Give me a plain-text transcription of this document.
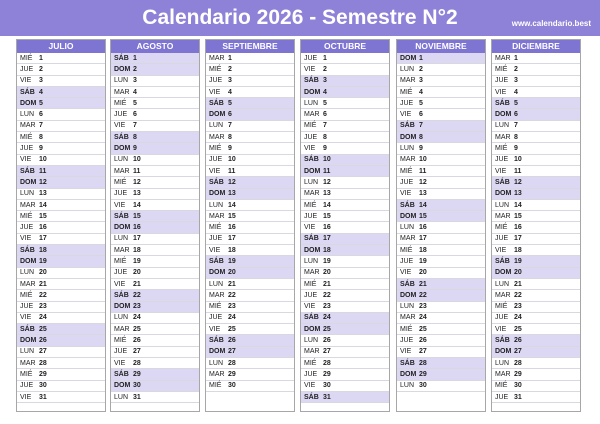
Calendario 2026 - Semestre N°2	www.calendario.best
JULIO
MIÉ 1
JUE 2
VIE	3
SÁB 4
DOM 5
LUN 6
MAR 7
MIÉ 8
JUE 9
VIE	10
SÁB 11
DOM 12
LUN 13
MAR 14
MIÉ 15
JUE 16
VIE	17
SÁB 18
DOM 19
LUN 20
MAR 21
MIÉ 22
JUE 23
VIE	24
SÁB 25
DOM 26
LUN 27
MAR 28
MIÉ 29
JUE 30
VIE	31
AGOSTO
SÁB 1
DOM 2
LUN 3
MAR 4
MIÉ 5
JUE 6
VIE	7
SÁB 8
DOM 9
LUN 10
MAR 11
MIÉ 12
JUE 13
VIE	14
SÁB 15
DOM 16
LUN 17
MAR 18
MIÉ 19
JUE 20
VIE	21
SÁB 22
DOM 23
LUN 24
MAR 25
MIÉ 26
JUE 27
VIE	28
SÁB 29
DOM 30
LUN 31
SEPTIEMBRE
MAR 1
MIÉ 2
JUE 3
VIE	4
SÁB 5
DOM 6
LUN 7
MAR 8
MIÉ 9
JUE 10
VIE	11
SÁB 12
DOM 13
LUN 14
MAR 15
MIÉ 16
JUE 17
VIE	18
SÁB 19
DOM 20
LUN 21
MAR 22
MIÉ 23
JUE 24
VIE	25
SÁB 26
DOM 27
LUN 28
MAR 29
MIÉ 30
OCTUBRE
JUE 1
VIE	2
SÁB 3
DOM 4
LUN 5
MAR 6
MIÉ 7
JUE 8
VIE	9
SÁB 10
DOM 11
LUN 12
MAR 13
MIÉ 14
JUE 15
VIE	16
SÁB 17
DOM 18
LUN 19
MAR 20
MIÉ 21
JUE 22
VIE	23
SÁB 24
DOM 25
LUN 26
MAR 27
MIÉ 28
JUE 29
VIE	30
SÁB 31
NOVIEMBRE
DOM 1
LUN 2
MAR 3
MIÉ 4
JUE 5
VIE	6
SÁB 7
DOM 8
LUN 9
MAR 10
MIÉ 11
JUE 12
VIE	13
SÁB 14
DOM 15
LUN 16
MAR 17
MIÉ 18
JUE 19
VIE	20
SÁB 21
DOM 22
LUN 23
MAR 24
MIÉ 25
JUE 26
VIE	27
SÁB 28
DOM 29
LUN 30
DICIEMBRE
MAR 1
MIÉ 2
JUE 3
VIE	4
SÁB 5
DOM 6
LUN 7
MAR 8
MIÉ 9
JUE 10
VIE	11
SÁB 12
DOM 13
LUN 14
MAR 15
MIÉ 16
JUE 17
VIE	18
SÁB 19
DOM 20
LUN 21
MAR 22
MIÉ 23
JUE 24
VIE	25
SÁB 26
DOM 27
LUN 28
MAR 29
MIÉ 30
JUE 31
